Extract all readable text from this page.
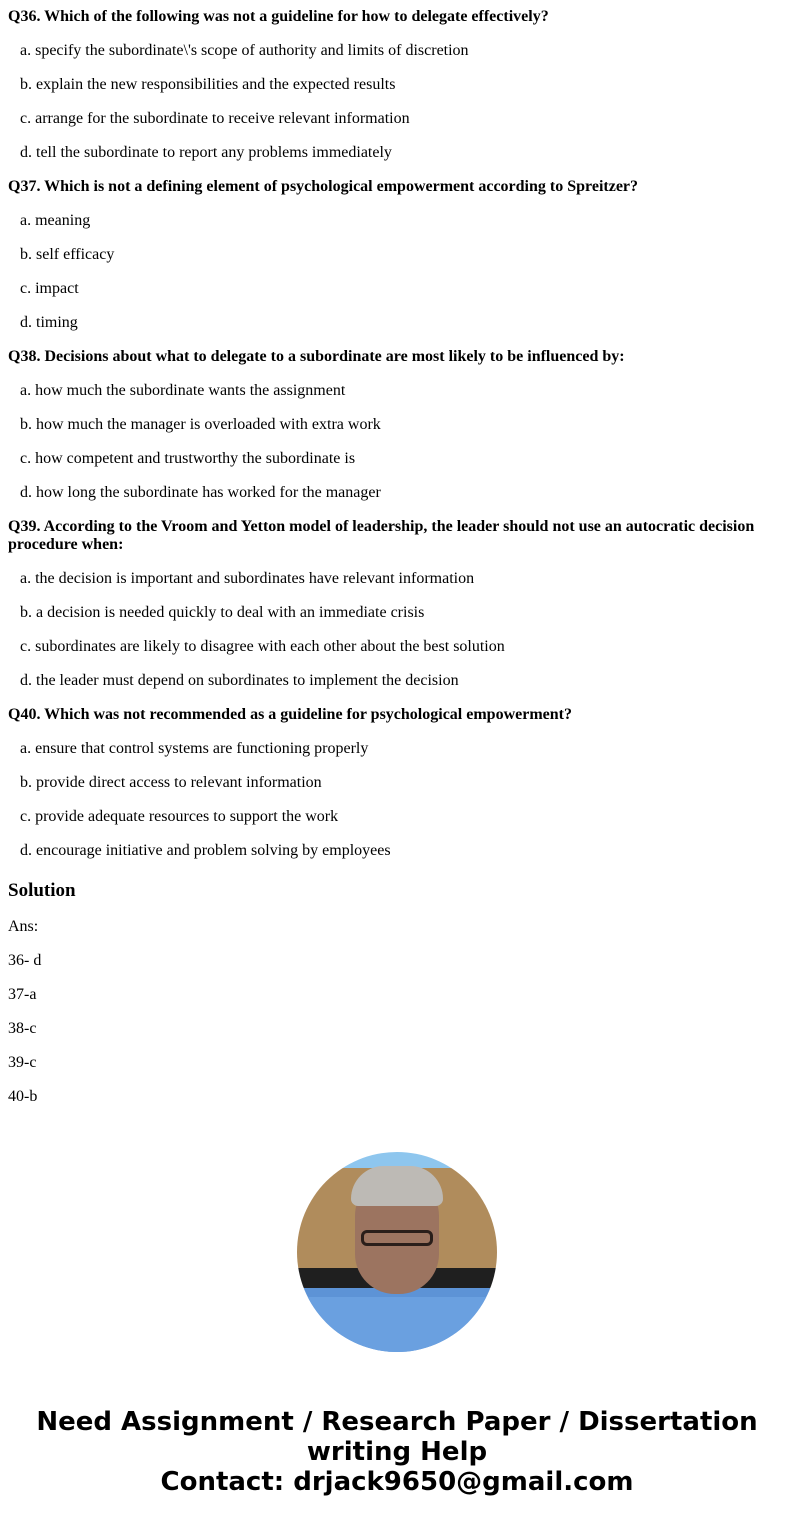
Q36. Which of the following was not a guideline for how to delegate effectively?

a. specify the subordinate\'s scope of authority and limits of discretion

b. explain the new responsibilities and the expected results

c. arrange for the subordinate to receive relevant information

d. tell the subordinate to report any problems immediately

Q37. Which is not a defining element of psychological empowerment according to Spreitzer?

a. meaning

b. self efficacy

c. impact

d. timing

Q38. Decisions about what to delegate to a subordinate are most likely to be influenced by:

a. how much the subordinate wants the assignment

b. how much the manager is overloaded with extra work

c. how competent and trustworthy the subordinate is

d. how long the subordinate has worked for the manager

Q39. According to the Vroom and Yetton model of leadership, the leader should not use an autocratic decision procedure when:

a. the decision is important and subordinates have relevant information

b. a decision is needed quickly to deal with an immediate crisis

c. subordinates are likely to disagree with each other about the best solution

d. the leader must depend on subordinates to implement the decision

Q40. Which was not recommended as a guideline for psychological empowerment?

a. ensure that control systems are functioning properly

b. provide direct access to relevant information

c. provide adequate resources to support the work

d. encourage initiative and problem solving by employees

Solution

Ans:

36- d

37-a

38-c

39-c

40-b

Need Assignment / Research Paper / Dissertation writing Help
Contact: drjack9650@gmail.com
